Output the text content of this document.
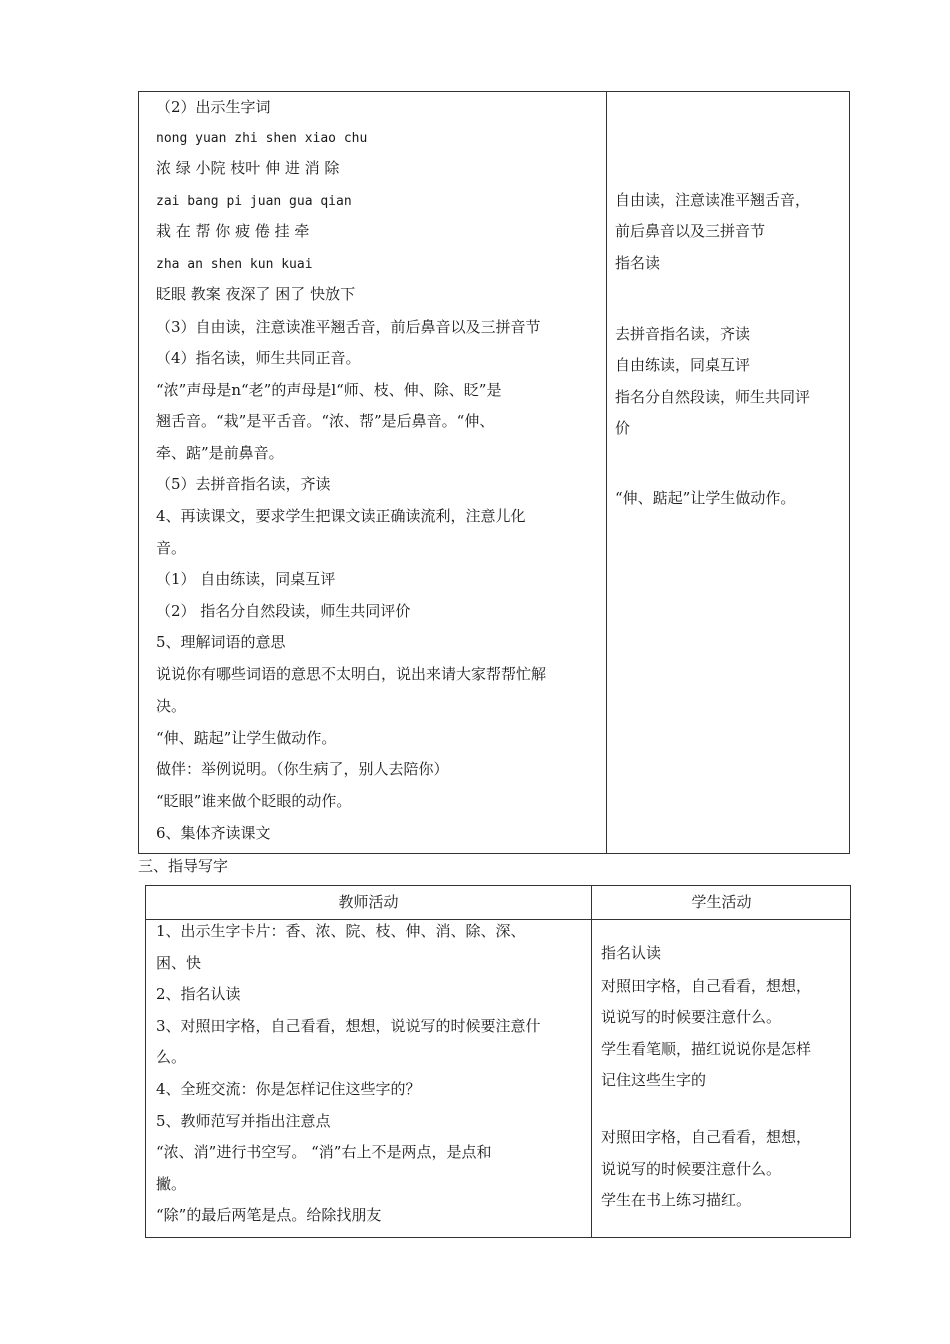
（2）出示生字词
nong yuan zhi shen xiao chu
浓 绿 小院 枝叶 伸 进 消 除
zai bang pi juan gua qian
栽 在 帮 你 疲 倦 挂 牵
zha an shen kun kuai
眨眼 教案 夜深了 困了 快放下
（3）自由读，注意读准平翘舌音，前后鼻音以及三拼音节
（4）指名读，师生共同正音。
“浓”声母是n“老”的声母是l“师、枝、伸、除、眨”是
翘舌音。“栽”是平舌音。“浓、帮”是后鼻音。“伸、
牵、踮”是前鼻音。
（5）去拼音指名读，齐读
4、再读课文，要求学生把课文读正确读流利，注意儿化
音。
（1） 自由练读，同桌互评
（2） 指名分自然段读，师生共同评价
5、理解词语的意思
说说你有哪些词语的意思不太明白，说出来请大家帮帮忙解
决。
“伸、踮起”让学生做动作。
做伴：举例说明。（你生病了，别人去陪你）
“眨眼”谁来做个眨眼的动作。
6、集体齐读课文
自由读，注意读准平翘舌音，
前后鼻音以及三拼音节
指名读
去拼音指名读，齐读
自由练读，同桌互评
指名分自然段读，师生共同评
价
“伸、踮起”让学生做动作。
三、指导写字
教师活动	学生活动
1、出示生字卡片：香、浓、院、枝、伸、消、除、深、
困、快
2、指名认读
3、对照田字格，自己看看，想想，说说写的时候要注意什
么。
4、全班交流：你是怎样记住这些字的？
5、教师范写并指出注意点
“浓、消”进行书空写。 “消”右上不是两点，是点和
撇。
“除”的最后两笔是点。给除找朋友
指名认读
对照田字格，自己看看，想想，
说说写的时候要注意什么。
学生看笔顺，描红说说你是怎样
记住这些生字的
对照田字格，自己看看，想想，
说说写的时候要注意什么。
学生在书上练习描红。
